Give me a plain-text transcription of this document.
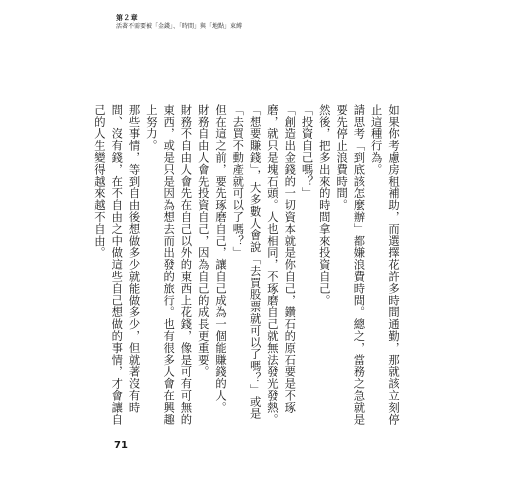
第２章
活著不需要被「金錢」、「時間」與「地點」束縛

如果你考慮房租補助，而選擇花許多時間通勤，那就該立刻停止這種行為。

請思考「到底該怎麼辦」都嫌浪費時間。總之，當務之急就是要先停止浪費時間。

然後，把多出來的時間拿來投資自己。

「投資自己嗎？」

「創造出金錢的一切資本就是你自己，鑽石的原石要是不琢磨，就只是塊石頭。人也相同，不琢磨自己就無法發光發熱。

「想要賺錢」，大多數人會說「去買股票就可以了嗎？」或是「去買不動產就可以了嗎？」

但在這之前，要先琢磨自己，讓自己成為一個能賺錢的人。

財務自由人會先投資自己，因為自己的成長更重要。

財務不自由人會先在自己以外的東西上花錢，像是可有可無的東西，或是只是因為想去而出發的旅行。也有很多人會在興趣上努力。

那些事情，等到自由後想做多少就能做多少，但就著沒有時間、沒有錢，在不自由之中做這些自己想做的事情，才會讓自己的人生變得越來越不自由。

71
